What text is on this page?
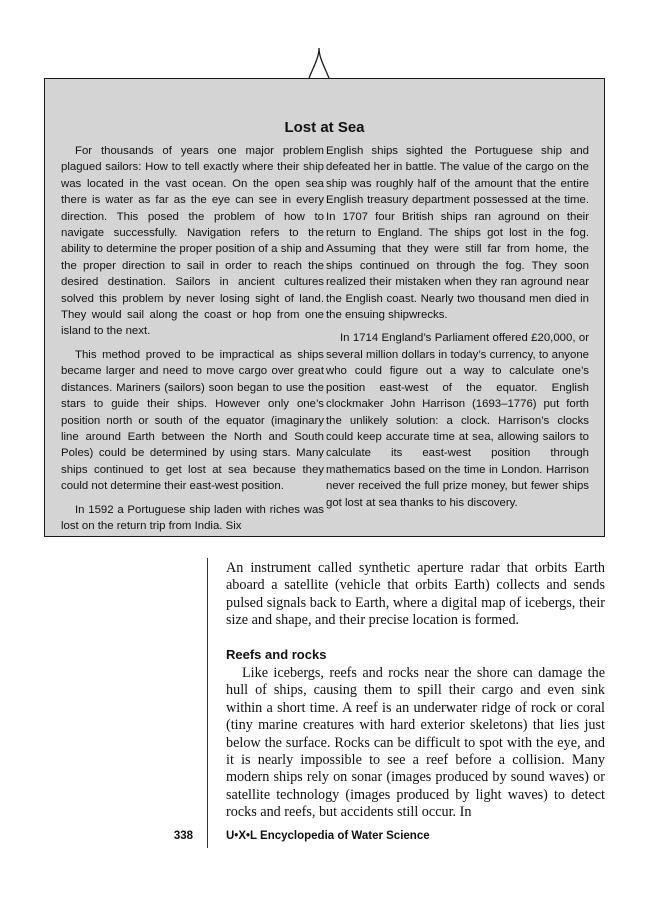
Lost at Sea

For thousands of years one major problem plagued sailors: How to tell exactly where their ship was located in the vast ocean. On the open sea there is water as far as the eye can see in every direction. This posed the problem of how to navigate successfully. Navigation refers to the ability to determine the proper position of a ship and the proper direction to sail in order to reach the desired destination. Sailors in ancient cultures solved this problem by never losing sight of land. They would sail along the coast or hop from one island to the next.

This method proved to be impractical as ships became larger and need to move cargo over great distances. Mariners (sailors) soon began to use the stars to guide their ships. However only one’s position north or south of the equator (imaginary line around Earth between the North and South Poles) could be determined by using stars. Many ships continued to get lost at sea because they could not determine their east-west position.

In 1592 a Portuguese ship laden with riches was lost on the return trip from India. Six

English ships sighted the Portuguese ship and defeated her in battle. The value of the cargo on the ship was roughly half of the amount that the entire English treasury department possessed at the time. In 1707 four British ships ran aground on their return to England. The ships got lost in the fog. Assuming that they were still far from home, the ships continued on through the fog. They soon realized their mistaken when they ran aground near the English coast. Nearly two thousand men died in the ensuing shipwrecks.

In 1714 England’s Parliament offered £20,000, or several million dollars in today’s currency, to anyone who could figure out a way to calculate one’s position east-west of the equator. English clockmaker John Harrison (1693–1776) put forth the unlikely solution: a clock. Harrison’s clocks could keep accurate time at sea, allowing sailors to calculate its east-west position through mathematics based on the time in London. Harrison never received the full prize money, but fewer ships got lost at sea thanks to his discovery.

An instrument called synthetic aperture radar that orbits Earth aboard a satellite (vehicle that orbits Earth) collects and sends pulsed signals back to Earth, where a digital map of icebergs, their size and shape, and their precise location is formed.

Reefs and rocks

Like icebergs, reefs and rocks near the shore can damage the hull of ships, causing them to spill their cargo and even sink within a short time. A reef is an underwater ridge of rock or coral (tiny marine creatures with hard exterior skeletons) that lies just below the surface. Rocks can be difficult to spot with the eye, and it is nearly impossible to see a reef before a collision. Many modern ships rely on sonar (images produced by sound waves) or satellite technology (images produced by light waves) to detect rocks and reefs, but accidents still occur. In

338	U•X•L Encyclopedia of Water Science
